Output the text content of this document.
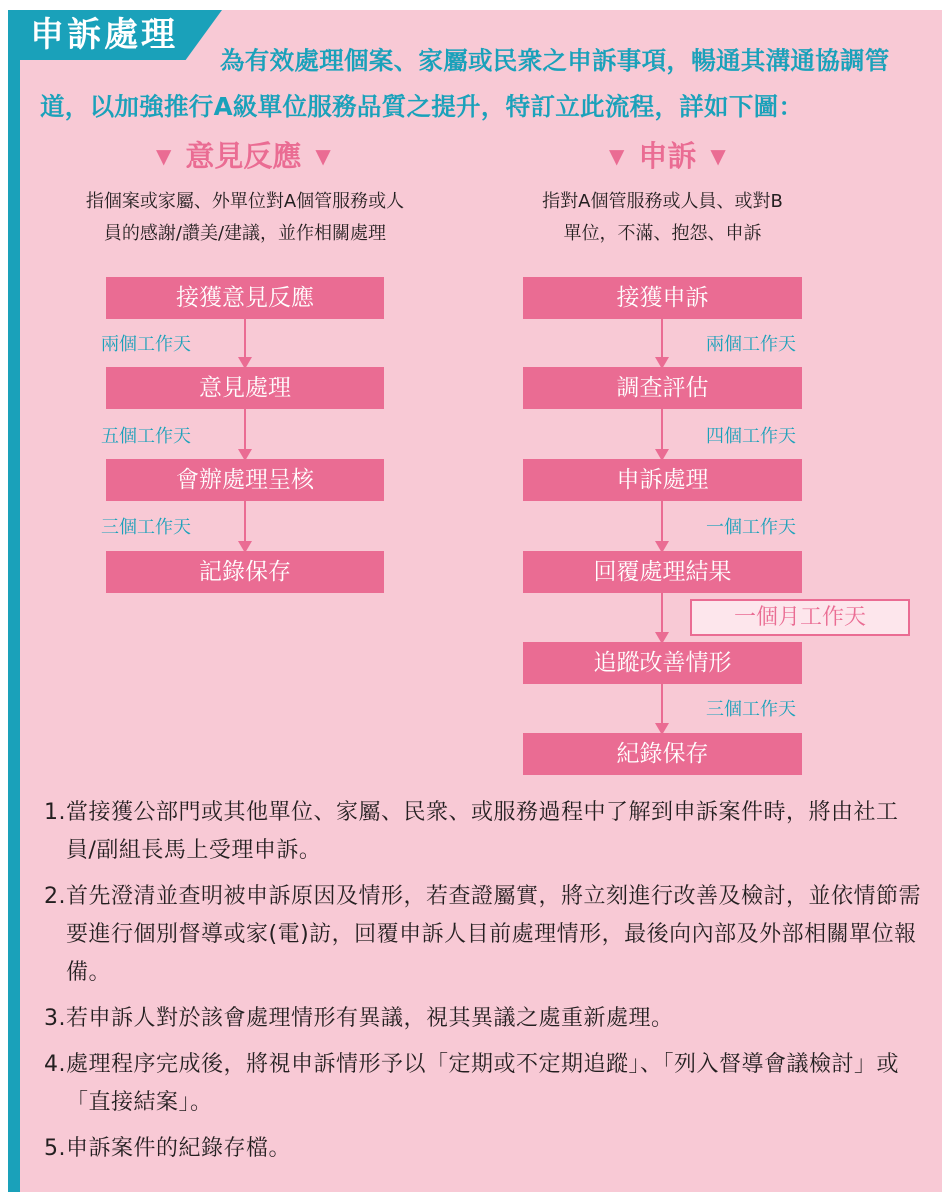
申訴處理
為有效處理個案、家屬或民衆之申訴事項，暢通其溝通協調管道，以加強推行A級單位服務品質之提升，特訂立此流程，詳如下圖：
▼ 意見反應 ▼
指個案或家屬、外單位對A個管服務或人
員的感謝/讚美/建議，並作相關處理
接獲意見反應
兩個工作天
意見處理
五個工作天
會辦處理呈核
三個工作天
記錄保存
▼ 申訴 ▼
指對A個管服務或人員、或對B
單位，不滿、抱怨、申訴
接獲申訴
兩個工作天
調查評估
四個工作天
申訴處理
一個工作天
回覆處理結果
一個月工作天
追蹤改善情形
三個工作天
紀錄保存
1. 當接獲公部門或其他單位、家屬、民衆、或服務過程中了解到申訴案件時，將由社工員/副組長馬上受理申訴。
2. 首先澄清並查明被申訴原因及情形，若查證屬實，將立刻進行改善及檢討，並依情節需要進行個別督導或家(電)訪，回覆申訴人目前處理情形，最後向內部及外部相關單位報備。
3. 若申訴人對於該會處理情形有異議，視其異議之處重新處理。
4. 處理程序完成後，將視申訴情形予以「定期或不定期追蹤」、「列入督導會議檢討」或「直接結案」。
5. 申訴案件的紀錄存檔。
